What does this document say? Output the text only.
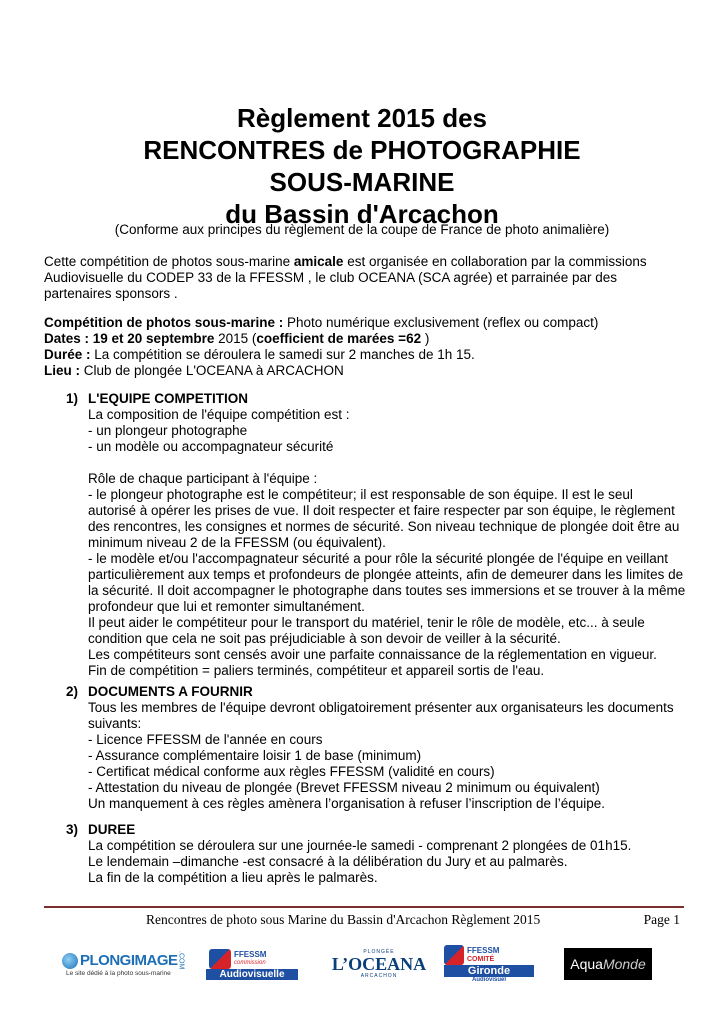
Règlement 2015 des
RENCONTRES de PHOTOGRAPHIE
SOUS-MARINE
du Bassin d'Arcachon
(Conforme aux principes du règlement de la coupe de France de photo animalière)
Cette compétition de photos sous-marine amicale est organisée en collaboration par la commissions
Audiovisuelle du CODEP 33 de la FFESSM , le club OCEANA (SCA agrée) et parrainée par des
partenaires sponsors .
Compétition de photos sous-marine : Photo numérique exclusivement (reflex ou compact)
Dates : 19 et 20 septembre 2015 (coefficient de marées =62 )
Durée : La compétition se déroulera le samedi sur 2 manches de 1h 15.
Lieu : Club de plongée L'OCEANA à ARCACHON
1) L'EQUIPE COMPETITION
La composition de l'équipe compétition est :
- un plongeur photographe
- un modèle ou accompagnateur sécurité
Rôle de chaque participant à l'équipe :
- le plongeur photographe est le compétiteur; il est responsable de son équipe. Il est le seul
autorisé à opérer les prises de vue. Il doit respecter et faire respecter par son équipe, le règlement
des rencontres, les consignes et normes de sécurité. Son niveau technique de plongée doit être au
minimum niveau 2 de la FFESSM (ou équivalent).
- le modèle et/ou l'accompagnateur sécurité a pour rôle la sécurité plongée de l'équipe en veillant
particulièrement aux temps et profondeurs de plongée atteints, afin de demeurer dans les limites de
la sécurité. Il doit accompagner le photographe dans toutes ses immersions et se trouver à la même
profondeur que lui et remonter simultanément.
Il peut aider le compétiteur pour le transport du matériel, tenir le rôle de modèle, etc... à seule
condition que cela ne soit pas préjudiciable à son devoir de veiller à la sécurité.
Les compétiteurs sont censés avoir une parfaite connaissance de la réglementation en vigueur.
Fin de compétition = paliers terminés, compétiteur et appareil sortis de l'eau.
2) DOCUMENTS A FOURNIR
Tous les membres de l'équipe devront obligatoirement présenter aux organisateurs les documents
suivants:
- Licence FFESSM de l'année en cours
- Assurance complémentaire loisir 1 de base (minimum)
- Certificat médical conforme aux règles FFESSM (validité en cours)
- Attestation du niveau de plongée (Brevet FFESSM niveau 2 minimum ou équivalent)
Un manquement à ces règles amènera l’organisation à refuser l’inscription de l’équipe.
3) DUREE
La compétition se déroulera sur une journée-le samedi - comprenant 2 plongées de 01h15.
Le lendemain –dimanche -est consacré à la délibération du Jury et au palmarès.
La fin de la compétition a lieu après le palmarès.
Rencontres de photo sous Marine du Bassin d'Arcachon Règlement 2015	Page 1
PLONGIMAGE .COM
Le site dédié à la photo sous-marine
FFESSM
commission
Audiovisuelle
PLONGÉE
L’OCEANA
ARCACHON
FFESSM
COMITÉ
Gironde
Audiovisuel
Aqua Monde
